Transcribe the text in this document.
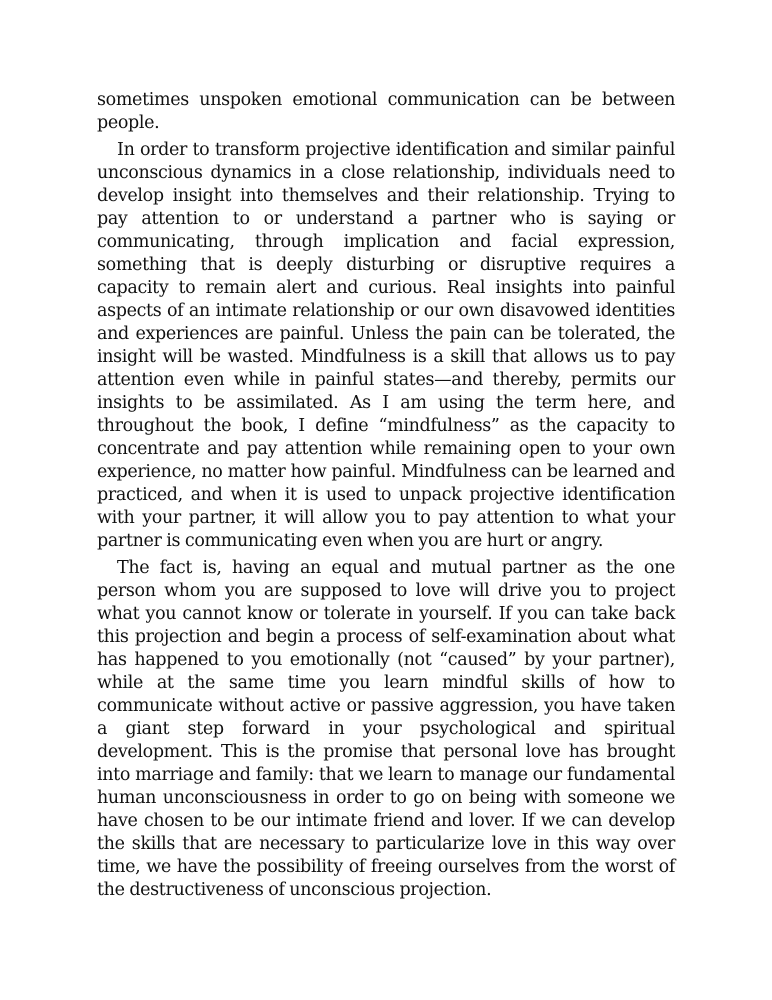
sometimes unspoken emotional communication can be between people.

In order to transform projective identification and similar painful unconscious dynamics in a close relationship, individuals need to develop insight into themselves and their relationship. Trying to pay attention to or understand a partner who is saying or communicating, through implication and facial expression, something that is deeply disturbing or disruptive requires a capacity to remain alert and curious. Real insights into painful aspects of an intimate relationship or our own disavowed identities and experiences are painful. Unless the pain can be tolerated, the insight will be wasted. Mindfulness is a skill that allows us to pay attention even while in painful states—and thereby, permits our insights to be assimilated. As I am using the term here, and throughout the book, I define “mindfulness” as the capacity to concentrate and pay attention while remaining open to your own experience, no matter how painful. Mindfulness can be learned and practiced, and when it is used to unpack projective identification with your partner, it will allow you to pay attention to what your partner is communicating even when you are hurt or angry.

The fact is, having an equal and mutual partner as the one person whom you are supposed to love will drive you to project what you cannot know or tolerate in yourself. If you can take back this projection and begin a process of self-examination about what has happened to you emotionally (not “caused” by your partner), while at the same time you learn mindful skills of how to communicate without active or passive aggression, you have taken a giant step forward in your psychological and spiritual development. This is the promise that personal love has brought into marriage and family: that we learn to manage our fundamental human unconsciousness in order to go on being with someone we have chosen to be our intimate friend and lover. If we can develop the skills that are necessary to particularize love in this way over time, we have the possibility of freeing ourselves from the worst of the destructiveness of unconscious projection.
